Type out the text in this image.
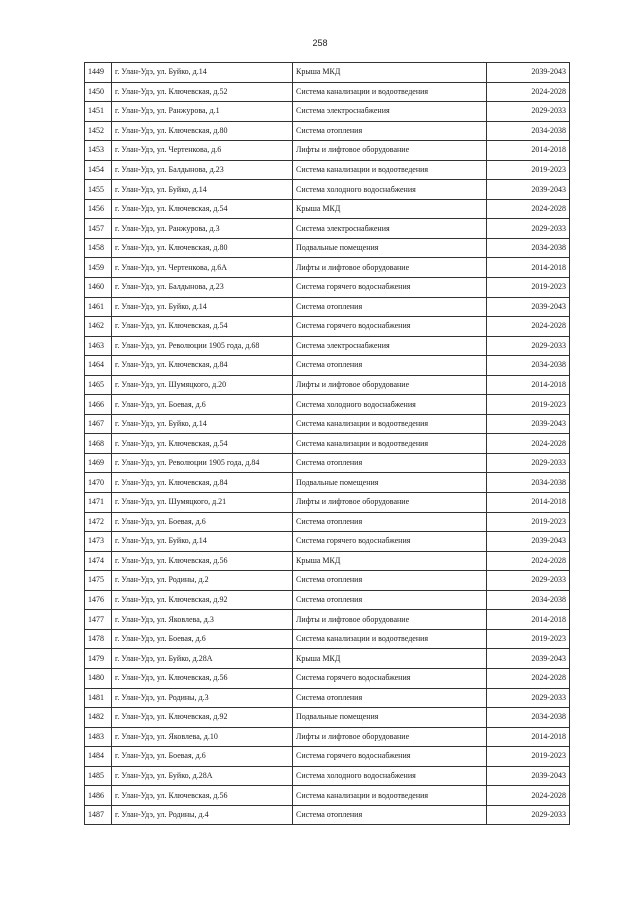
258
1449	г. Улан-Удэ, ул. Буйко, д.14	Крыша МКД	2039-2043
1450	г. Улан-Удэ, ул. Ключевская, д.52	Система канализации и водоотведения	2024-2028
1451	г. Улан-Удэ, ул. Ранжурова, д.1	Система электроснабжения	2029-2033
1452	г. Улан-Удэ, ул. Ключевская, д.80	Система отопления	2034-2038
1453	г. Улан-Удэ, ул. Чертенкова, д.6	Лифты и лифтовое оборудование	2014-2018
1454	г. Улан-Удэ, ул. Балдынова, д.23	Система канализации и водоотведения	2019-2023
1455	г. Улан-Удэ, ул. Буйко, д.14	Система холодного водоснабжения	2039-2043
1456	г. Улан-Удэ, ул. Ключевская, д.54	Крыша МКД	2024-2028
1457	г. Улан-Удэ, ул. Ранжурова, д.3	Система электроснабжения	2029-2033
1458	г. Улан-Удэ, ул. Ключевская, д.80	Подвальные помещения	2034-2038
1459	г. Улан-Удэ, ул. Чертенкова, д.6А	Лифты и лифтовое оборудование	2014-2018
1460	г. Улан-Удэ, ул. Балдынова, д.23	Система горячего водоснабжения	2019-2023
1461	г. Улан-Удэ, ул. Буйко, д.14	Система отопления	2039-2043
1462	г. Улан-Удэ, ул. Ключевская, д.54	Система горячего водоснабжения	2024-2028
1463	г. Улан-Удэ, ул. Революции 1905 года, д.68	Система электроснабжения	2029-2033
1464	г. Улан-Удэ, ул. Ключевская, д.84	Система отопления	2034-2038
1465	г. Улан-Удэ, ул. Шумяцкого, д.20	Лифты и лифтовое оборудование	2014-2018
1466	г. Улан-Удэ, ул. Боевая, д.6	Система холодного водоснабжения	2019-2023
1467	г. Улан-Удэ, ул. Буйко, д.14	Система канализации и водоотведения	2039-2043
1468	г. Улан-Удэ, ул. Ключевская, д.54	Система канализации и водоотведения	2024-2028
1469	г. Улан-Удэ, ул. Революции 1905 года, д.84	Система отопления	2029-2033
1470	г. Улан-Удэ, ул. Ключевская, д.84	Подвальные помещения	2034-2038
1471	г. Улан-Удэ, ул. Шумяцкого, д.21	Лифты и лифтовое оборудование	2014-2018
1472	г. Улан-Удэ, ул. Боевая, д.6	Система отопления	2019-2023
1473	г. Улан-Удэ, ул. Буйко, д.14	Система горячего водоснабжения	2039-2043
1474	г. Улан-Удэ, ул. Ключевская, д.56	Крыша МКД	2024-2028
1475	г. Улан-Удэ, ул. Родины, д.2	Система отопления	2029-2033
1476	г. Улан-Удэ, ул. Ключевская, д.92	Система отопления	2034-2038
1477	г. Улан-Удэ, ул. Яковлева, д.3	Лифты и лифтовое оборудование	2014-2018
1478	г. Улан-Удэ, ул. Боевая, д.6	Система канализации и водоотведения	2019-2023
1479	г. Улан-Удэ, ул. Буйко, д.28А	Крыша МКД	2039-2043
1480	г. Улан-Удэ, ул. Ключевская, д.56	Система горячего водоснабжения	2024-2028
1481	г. Улан-Удэ, ул. Родины, д.3	Система отопления	2029-2033
1482	г. Улан-Удэ, ул. Ключевская, д.92	Подвальные помещения	2034-2038
1483	г. Улан-Удэ, ул. Яковлева, д.10	Лифты и лифтовое оборудование	2014-2018
1484	г. Улан-Удэ, ул. Боевая, д.6	Система горячего водоснабжения	2019-2023
1485	г. Улан-Удэ, ул. Буйко, д.28А	Система холодного водоснабжения	2039-2043
1486	г. Улан-Удэ, ул. Ключевская, д.56	Система канализации и водоотведения	2024-2028
1487	г. Улан-Удэ, ул. Родины, д.4	Система отопления	2029-2033
